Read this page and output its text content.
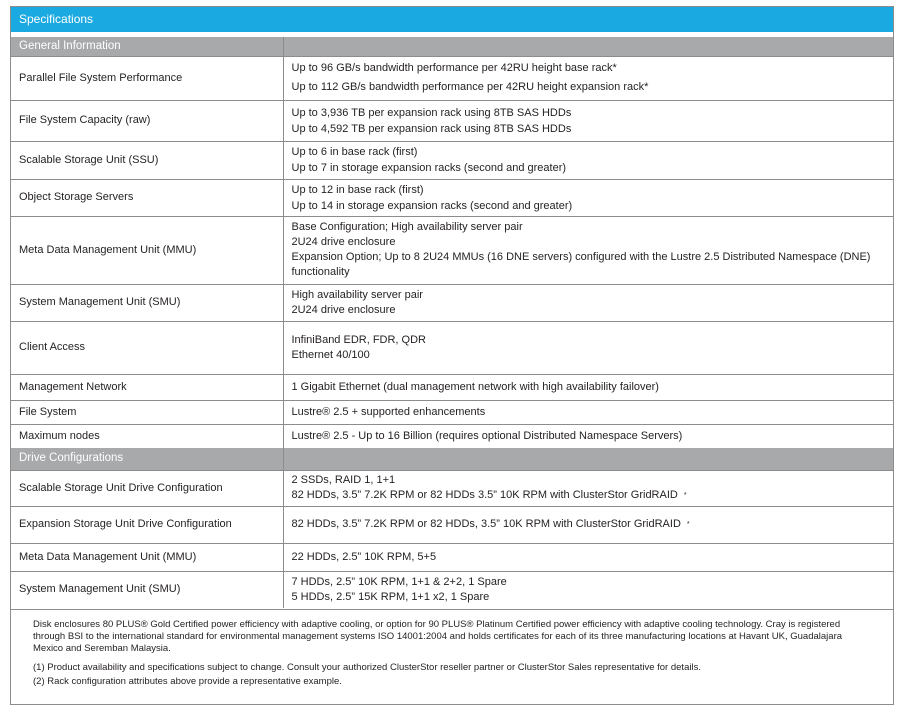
Specifications
General Information	
Parallel File System Performance	Up to 96 GB/s bandwidth performance per 42RU height base rack*
Up to 112 GB/s bandwidth performance per 42RU height expansion rack*

File System Capacity (raw)	Up to 3,936 TB per expansion rack using 8TB SAS HDDs
Up to 4,592 TB per expansion rack using 8TB SAS HDDs

Scalable Storage Unit (SSU)	Up to 6 in base rack (first)
Up to 7 in storage expansion racks (second and greater)

Object Storage Servers	Up to 12 in base rack (first)
Up to 14 in storage expansion racks (second and greater)

Meta Data Management Unit (MMU)	Base Configuration; High availability server pair
2U24 drive enclosure
Expansion Option; Up to 8 2U24 MMUs (16 DNE servers) configured with the Lustre 2.5 Distributed Namespace (DNE) functionality

System Management Unit (SMU)	High availability server pair
2U24 drive enclosure

Client Access	InfiniBand EDR, FDR, QDR
Ethernet 40/100

Management Network	1 Gigabit Ethernet (dual management network with high availability failover)

File System	Lustre® 2.5 + supported enhancements

Maximum nodes	Lustre® 2.5 - Up to 16 Billion (requires optional Distributed Namespace Servers)

Drive Configurations	
Scalable Storage Unit Drive Configuration	2 SSDs, RAID 1, 1+1
82 HDDs, 3.5” 7.2K RPM or 82 HDDs 3.5” 10K RPM with ClusterStor GridRAID *

Expansion Storage Unit Drive Configuration	82 HDDs, 3.5” 7.2K RPM or 82 HDDs, 3.5” 10K RPM with ClusterStor GridRAID *

Meta Data Management Unit (MMU)	22 HDDs, 2.5” 10K RPM, 5+5

System Management Unit (SMU)	7 HDDs, 2.5” 10K RPM, 1+1 & 2+2, 1 Spare
5 HDDs, 2.5” 15K RPM, 1+1 x2, 1 Spare

Disk enclosures 80 PLUS® Gold Certified power efficiency with adaptive cooling, or option for 90 PLUS® Platinum Certified power efficiency with adaptive cooling technology. Cray is registered through BSI to the international standard for environmental management systems ISO 14001:2004 and holds certificates for each of its three manufacturing locations at Havant UK, Guadalajara Mexico and Seremban Malaysia.

(1) Product availability and specifications subject to change. Consult your authorized ClusterStor reseller partner or ClusterStor Sales representative for details.

(2) Rack configuration attributes above provide a representative example.
